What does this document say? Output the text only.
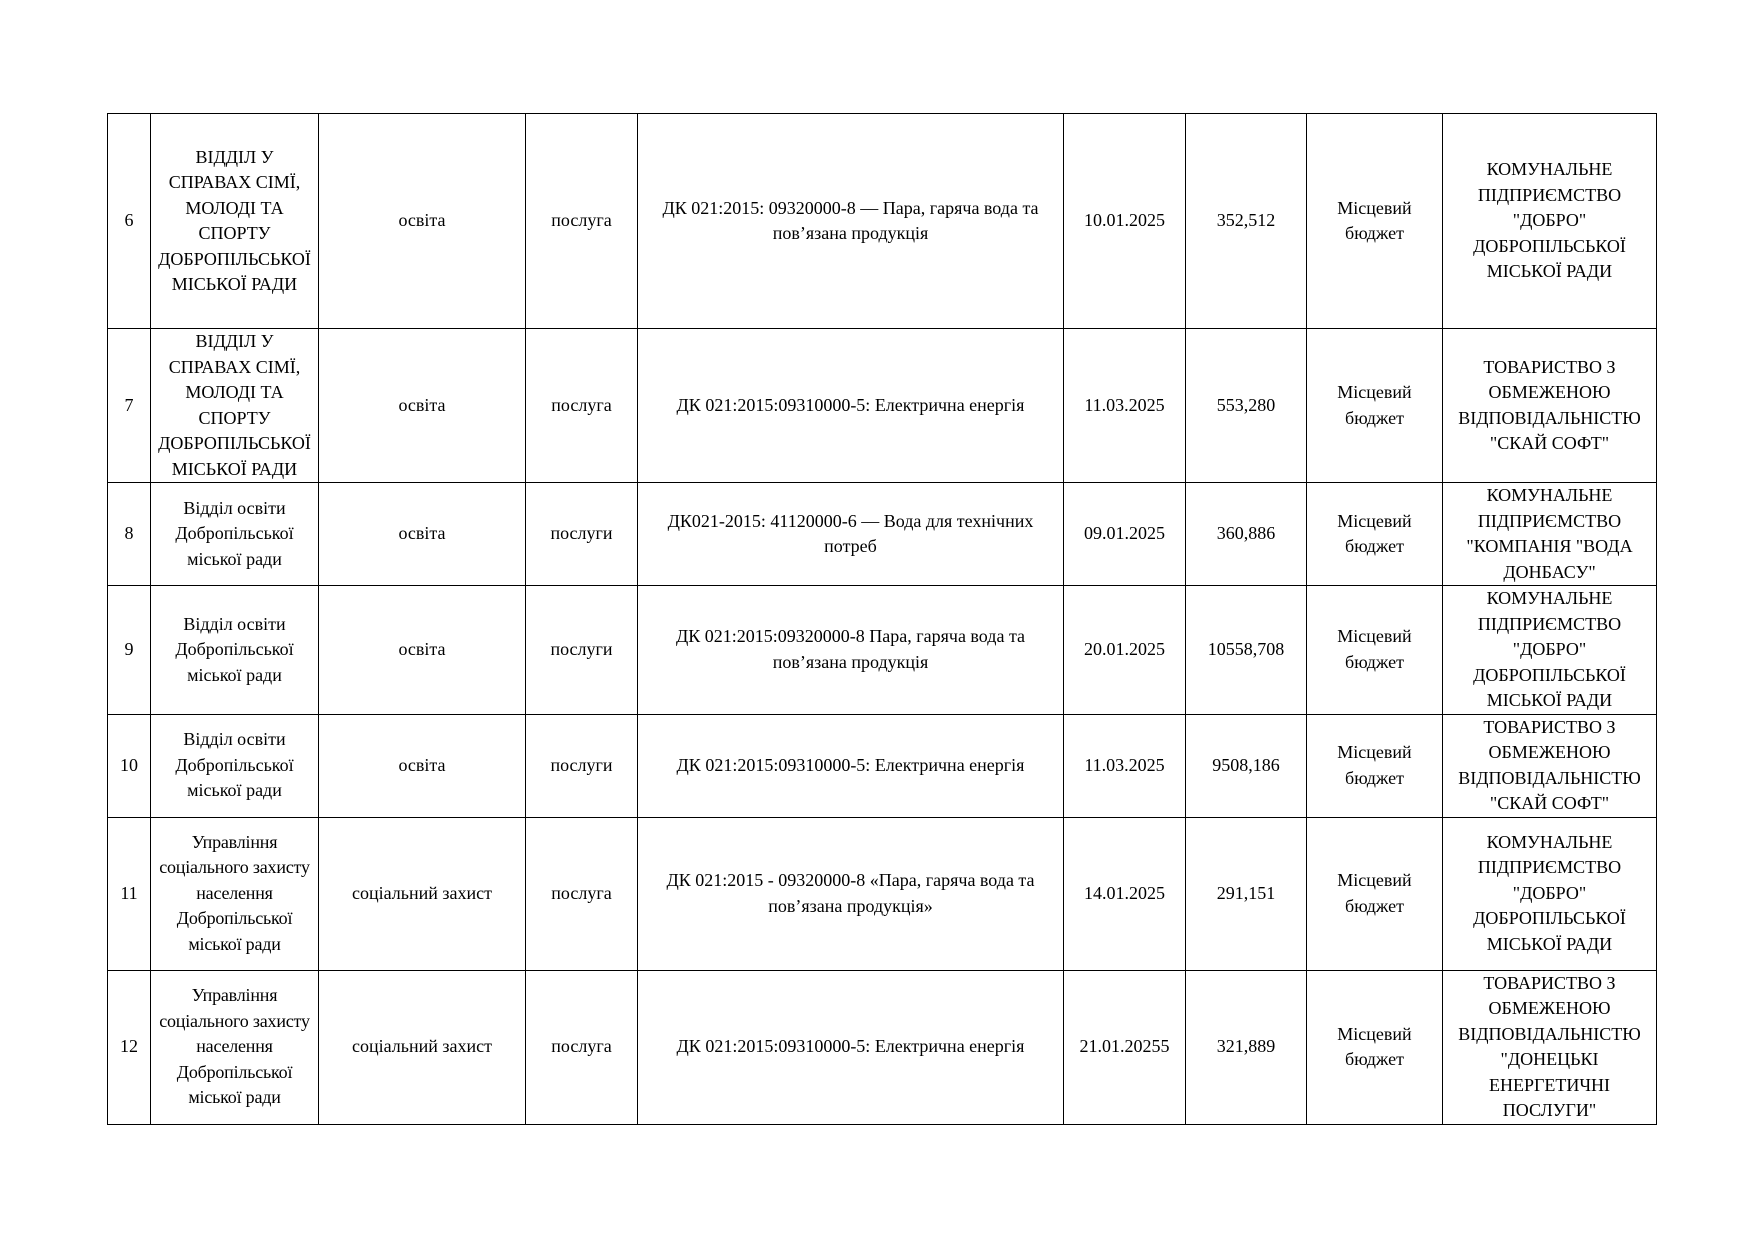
6	ВІДДІЛ У СПРАВАХ СІМЇ, МОЛОДІ ТА СПОРТУ ДОБРОПІЛЬСЬКОЇ МІСЬКОЇ РАДИ	освіта	послуга	ДК 021:2015: 09320000-8 — Пара, гаряча вода та пов’язана продукція	10.01.2025	352,512	Місцевий бюджет	КОМУНАЛЬНЕ ПІДПРИЄМСТВО "ДОБРО" ДОБРОПІЛЬСЬКОЇ МІСЬКОЇ РАДИ
7	ВІДДІЛ У СПРАВАХ СІМЇ, МОЛОДІ ТА СПОРТУ ДОБРОПІЛЬСЬКОЇ МІСЬКОЇ РАДИ	освіта	послуга	ДК 021:2015:09310000-5: Електрична енергія	11.03.2025	553,280	Місцевий бюджет	ТОВАРИСТВО З ОБМЕЖЕНОЮ ВІДПОВІДАЛЬНІСТЮ "СКАЙ СОФТ"
8	Відділ освіти Добропільської міської ради	освіта	послуги	ДК021-2015: 41120000-6 — Вода для технічних потреб	09.01.2025	360,886	Місцевий бюджет	КОМУНАЛЬНЕ ПІДПРИЄМСТВО "КОМПАНІЯ "ВОДА ДОНБАСУ"
9	Відділ освіти Добропільської міської ради	освіта	послуги	ДК 021:2015:09320000-8 Пара, гаряча вода та пов’язана продукція	20.01.2025	10558,708	Місцевий бюджет	КОМУНАЛЬНЕ ПІДПРИЄМСТВО "ДОБРО" ДОБРОПІЛЬСЬКОЇ МІСЬКОЇ РАДИ
10	Відділ освіти Добропільської міської ради	освіта	послуги	ДК 021:2015:09310000-5: Електрична енергія	11.03.2025	9508,186	Місцевий бюджет	ТОВАРИСТВО З ОБМЕЖЕНОЮ ВІДПОВІДАЛЬНІСТЮ "СКАЙ СОФТ"
11	Управління соціального захисту населення Добропільської міської ради	соціальний захист	послуга	ДК 021:2015 - 09320000-8 «Пара, гаряча вода та пов’язана продукція»	14.01.2025	291,151	Місцевий бюджет	КОМУНАЛЬНЕ ПІДПРИЄМСТВО "ДОБРО" ДОБРОПІЛЬСЬКОЇ МІСЬКОЇ РАДИ
12	Управління соціального захисту населення Добропільської міської ради	соціальний захист	послуга	ДК 021:2015:09310000-5: Електрична енергія	21.01.20255	321,889	Місцевий бюджет	ТОВАРИСТВО З ОБМЕЖЕНОЮ ВІДПОВІДАЛЬНІСТЮ "ДОНЕЦЬКІ ЕНЕРГЕТИЧНІ ПОСЛУГИ"
